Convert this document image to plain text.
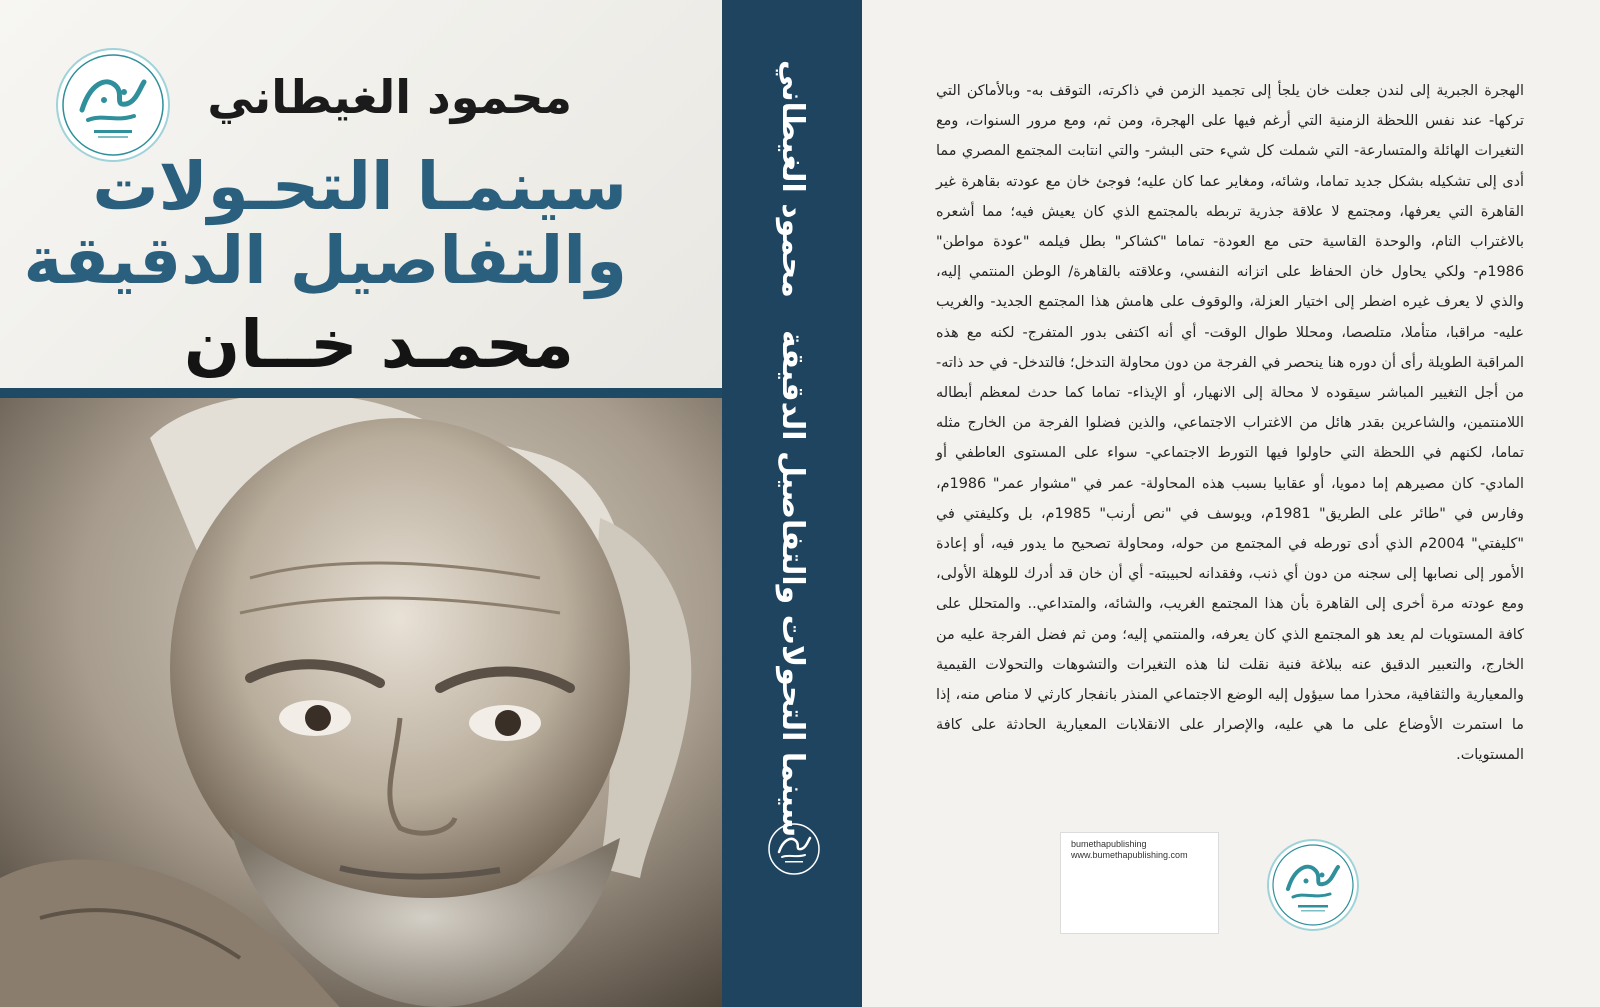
محمود الغيطاني
سينمـا التحـولات
والتفاصيل الدقيقة
محمـد خــان
محمود الغيطاني
سينما التحولات والتفاصيل الدقيقة
الهجرة الجبرية إلى لندن جعلت خان يلجأ إلى تجميد الزمن في ذاكرته، التوقف به- وبالأماكن التي تركها- عند نفس اللحظة الزمنية التي أرغم فيها على الهجرة، ومن ثم، ومع مرور السنوات، ومع التغيرات الهائلة والمتسارعة- التي شملت كل شيء حتى البشر- والتي انتابت المجتمع المصري مما أدى إلى تشكيله بشكل جديد تماما، وشائه، ومغاير عما كان عليه؛ فوجئ خان مع عودته بقاهرة غير القاهرة التي يعرفها، ومجتمع لا علاقة جذرية تربطه بالمجتمع الذي كان يعيش فيه؛ مما أشعره بالاغتراب التام، والوحدة القاسية حتى مع العودة- تماما "كشاكر" بطل فيلمه "عودة مواطن" 1986م- ولكي يحاول خان الحفاظ على اتزانه النفسي، وعلاقته بالقاهرة/ الوطن المنتمي إليه، والذي لا يعرف غيره اضطر إلى اختيار العزلة، والوقوف على هامش هذا المجتمع الجديد- والغريب عليه- مراقبا، متأملا، متلصصا، ومحللا طوال الوقت- أي أنه اكتفى بدور المتفرج- لكنه مع هذه المراقبة الطويلة رأى أن دوره هنا ينحصر في الفرجة من دون محاولة التدخل؛ فالتدخل- في حد ذاته- من أجل التغيير المباشر سيقوده لا محالة إلى الانهيار، أو الإيذاء- تماما كما حدث لمعظم أبطاله اللامنتمين، والشاعرين بقدر هائل من الاغتراب الاجتماعي، والذين فضلوا الفرجة من الخارج مثله تماما، لكنهم في اللحظة التي حاولوا فيها التورط الاجتماعي- سواء على المستوى العاطفي أو المادي- كان مصيرهم إما دمويا، أو عقابيا بسبب هذه المحاولة- عمر في "مشوار عمر" 1986م، وفارس في "طائر على الطريق" 1981م، ويوسف في "نص أرنب" 1985م، بل وكليفتي في "كليفتي" 2004م الذي أدى تورطه في المجتمع من حوله، ومحاولة تصحيح ما يدور فيه، أو إعادة الأمور إلى نصابها إلى سجنه من دون أي ذنب، وفقدانه لحبيبته- أي أن خان قد أدرك للوهلة الأولى، ومع عودته مرة أخرى إلى القاهرة بأن هذا المجتمع الغريب، والشائه، والمتداعي.. والمتحلل على كافة المستويات لم يعد هو المجتمع الذي كان يعرفه، والمنتمي إليه؛ ومن ثم فضل الفرجة عليه من الخارج، والتعبير الدقيق عنه ببلاغة فنية نقلت لنا هذه التغيرات والتشوهات والتحولات القيمية والمعيارية والثقافية، محذرا مما سيؤول إليه الوضع الاجتماعي المنذر بانفجار كارثي لا مناص منه، إذا ما استمرت الأوضاع على ما هي عليه، والإصرار على الانقلابات المعيارية الحادثة على كافة المستويات.
bumethapublishing
www.bumethapublishing.com
